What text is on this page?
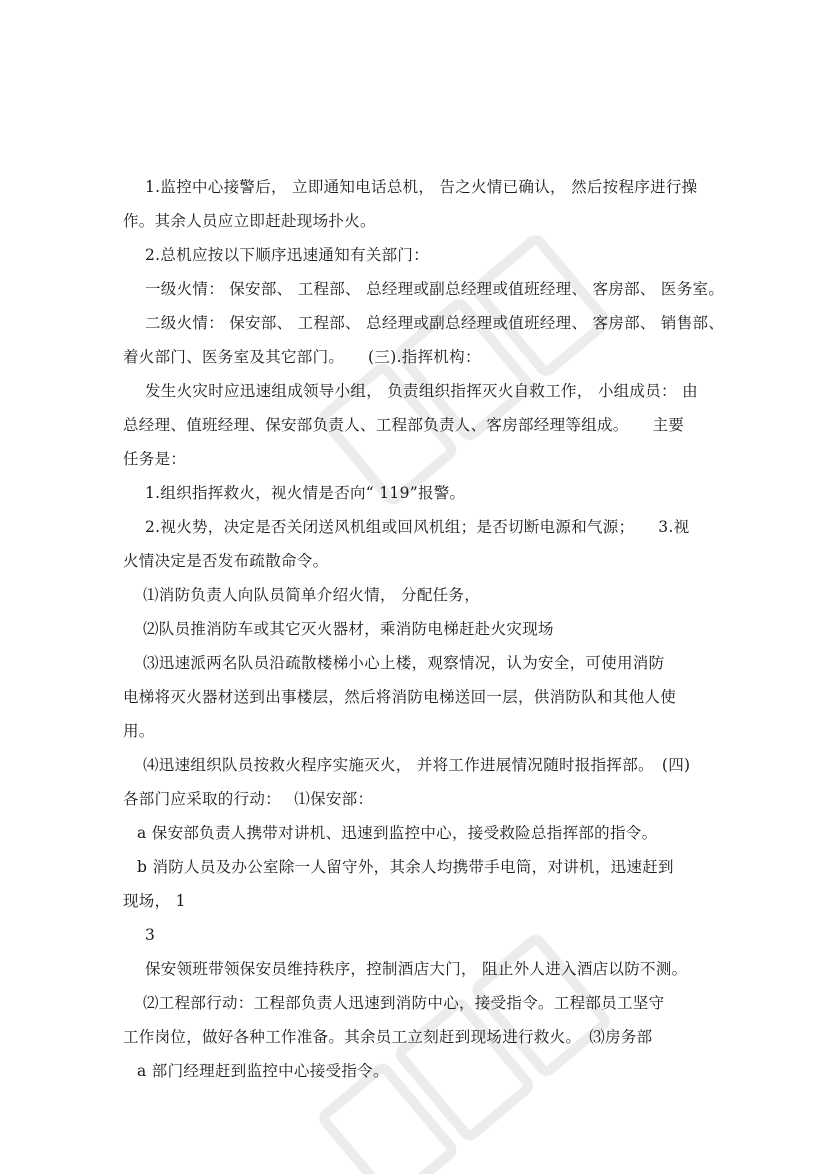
1.监控中心接警后， 立即通知电话总机， 告之火情已确认， 然后按程序进行操
作。其余人员应立即赶赴现场扑火。
2.总机应按以下顺序迅速通知有关部门：
一级火情： 保安部、 工程部、 总经理或副总经理或值班经理、 客房部、 医务室。
二级火情： 保安部、 工程部、 总经理或副总经理或值班经理、 客房部、 销售部、
着火部门、医务室及其它部门。　　(三).指挥机构：
发生火灾时应迅速组成领导小组， 负责组织指挥灭火自救工作， 小组成员： 由
总经理、值班经理、保安部负责人、工程部负责人、客房部经理等组成。　　主要
任务是：
1.组织指挥救火，视火情是否向“ 119”报警。
2.视火势，决定是否关闭送风机组或回风机组；是否切断电源和气源；　　3.视
火情决定是否发布疏散命令。
⑴消防负责人向队员简单介绍火情， 分配任务，
⑵队员推消防车或其它灭火器材，乘消防电梯赶赴火灾现场
⑶迅速派两名队员沿疏散楼梯小心上楼，观察情况，认为安全，可使用消防
电梯将灭火器材送到出事楼层，然后将消防电梯送回一层，供消防队和其他人使
用。
⑷迅速组织队员按救火程序实施灭火， 并将工作进展情况随时报指挥部。　(四)
各部门应采取的行动：　 ⑴保安部：
a 保安部负责人携带对讲机、迅速到监控中心，接受救险总指挥部的指令。
b 消防人员及办公室除一人留守外，其余人均携带手电筒，对讲机，迅速赶到
现场， 1
3
保安领班带领保安员维持秩序，控制酒店大门， 阻止外人进入酒店以防不测。
⑵工程部行动：工程部负责人迅速到消防中心，接受指令。工程部员工坚守
工作岗位，做好各种工作准备。其余员工立刻赶到现场进行救火。　⑶房务部
a 部门经理赶到监控中心接受指令。
